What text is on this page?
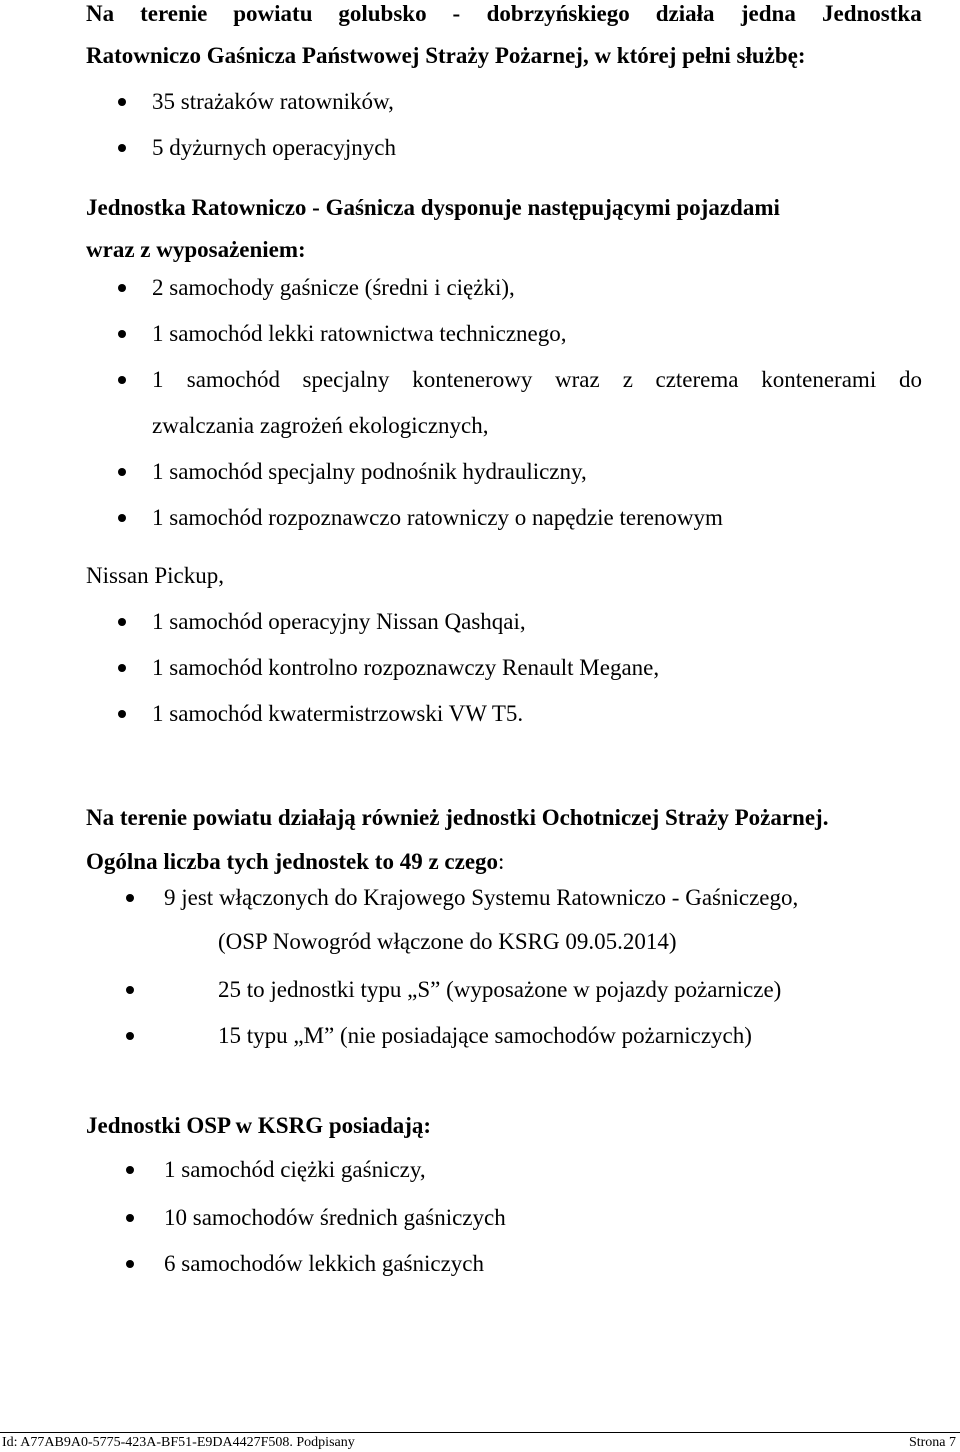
Na terenie powiatu golubsko - dobrzyńskiego działa jedna Jednostka
Ratowniczo Gaśnicza Państwowej Straży Pożarnej, w której pełni służbę:
35 strażaków ratowników,
5 dyżurnych operacyjnych
Jednostka Ratowniczo - Gaśnicza dysponuje następującymi pojazdami
wraz z wyposażeniem:
2 samochody gaśnicze (średni i ciężki),
1 samochód lekki ratownictwa technicznego,
1 samochód specjalny kontenerowy wraz z czterema kontenerami do
zwalczania zagrożeń ekologicznych,
1 samochód specjalny podnośnik hydrauliczny,
1 samochód rozpoznawczo ratowniczy o napędzie terenowym
Nissan Pickup,
1 samochód operacyjny Nissan Qashqai,
1 samochód kontrolno rozpoznawczy Renault Megane,
1 samochód kwatermistrzowski VW T5.
Na terenie powiatu działają również jednostki Ochotniczej Straży Pożarnej.
Ogólna liczba tych jednostek to 49 z czego:
9 jest włączonych do Krajowego Systemu Ratowniczo - Gaśniczego,
(OSP Nowogród włączone do KSRG 09.05.2014)
25 to jednostki typu „S” (wyposażone w pojazdy pożarnicze)
15 typu „M” (nie posiadające samochodów pożarniczych)
Jednostki OSP w KSRG posiadają:
1 samochód ciężki gaśniczy,
10 samochodów średnich gaśniczych
6 samochodów lekkich gaśniczych
Id: A77AB9A0-5775-423A-BF51-E9DA4427F508. Podpisany	Strona 7
